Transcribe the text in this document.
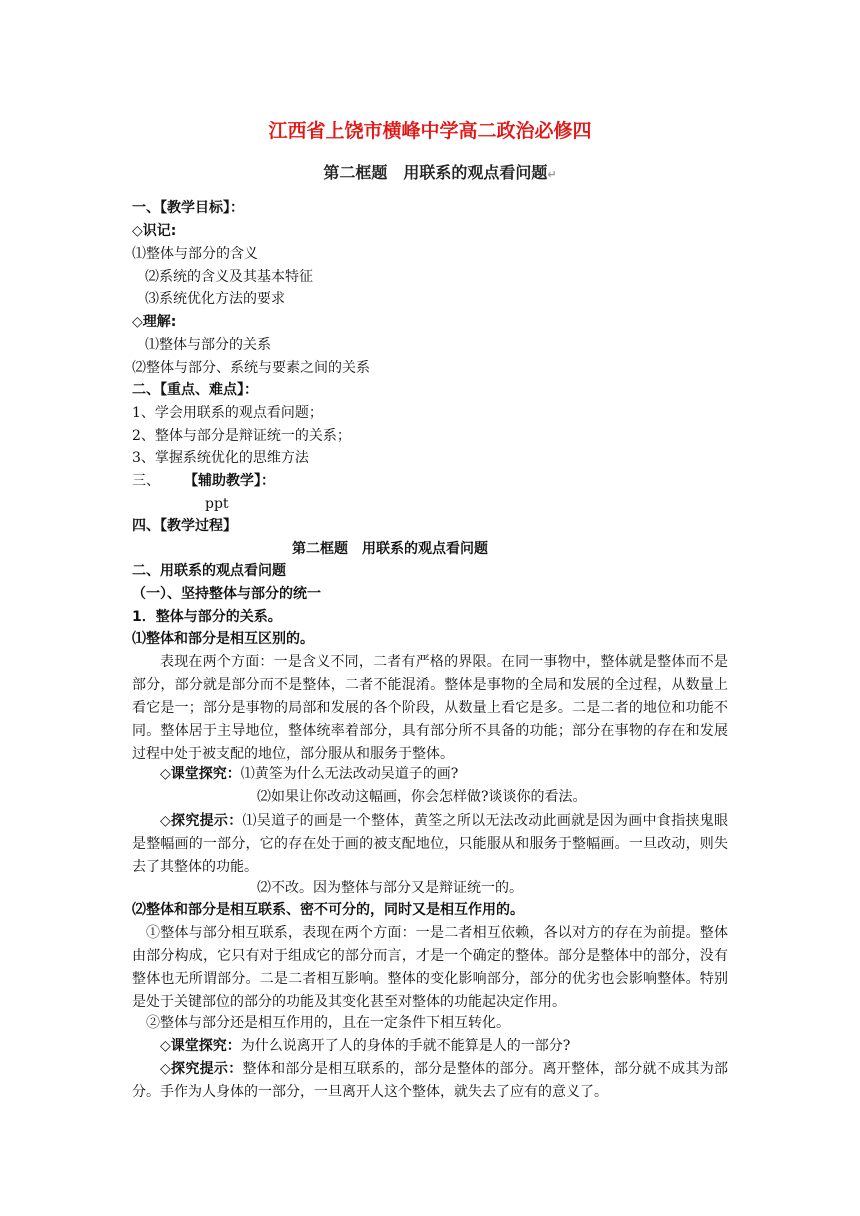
江西省上饶市横峰中学高二政治必修四
第二框题　用联系的观点看问题↵
一、【教学目标】：
◇识记:
⑴整体与部分的含义
⑵系统的含义及其基本特征
⑶系统优化方法的要求
◇理解:
⑴整体与部分的关系
⑵整体与部分、系统与要素之间的关系
二、【重点、难点】：
1、学会用联系的观点看问题；
2、整体与部分是辩证统一的关系；
3、掌握系统优化的思维方法
三、 【辅助教学】：
ppt
四、【教学过程】
第二框题　用联系的观点看问题
二、用联系的观点看问题
（一）、坚持整体与部分的统一
1．整体与部分的关系。
⑴整体和部分是相互区别的。
表现在两个方面：一是含义不同，二者有严格的界限。在同一事物中，整体就是整体而不是部分，部分就是部分而不是整体，二者不能混淆。整体是事物的全局和发展的全过程，从数量上看它是一；部分是事物的局部和发展的各个阶段，从数量上看它是多。二是二者的地位和功能不同。整体居于主导地位，整体统率着部分，具有部分所不具备的功能；部分在事物的存在和发展过程中处于被支配的地位，部分服从和服务于整体。
◇课堂探究：⑴黄筌为什么无法改动吴道子的画?
⑵如果让你改动这幅画，你会怎样做?谈谈你的看法。
◇探究提示：⑴吴道子的画是一个整体，黄筌之所以无法改动此画就是因为画中食指挟鬼眼是整幅画的一部分，它的存在处于画的被支配地位，只能服从和服务于整幅画。一旦改动，则失去了其整体的功能。
⑵不改。因为整体与部分又是辩证统一的。
⑵整体和部分是相互联系、密不可分的，同时又是相互作用的。
①整体与部分相互联系，表现在两个方面：一是二者相互依赖，各以对方的存在为前提。整体由部分构成，它只有对于组成它的部分而言，才是一个确定的整体。部分是整体中的部分，没有整体也无所谓部分。二是二者相互影响。整体的变化影响部分，部分的优劣也会影响整体。特别是处于关键部位的部分的功能及其变化甚至对整体的功能起决定作用。
②整体与部分还是相互作用的，且在一定条件下相互转化。
◇课堂探究：为什么说离开了人的身体的手就不能算是人的一部分?
◇探究提示：整体和部分是相互联系的，部分是整体的部分。离开整体，部分就不成其为部分。手作为人身体的一部分，一旦离开人这个整体，就失去了应有的意义了。
